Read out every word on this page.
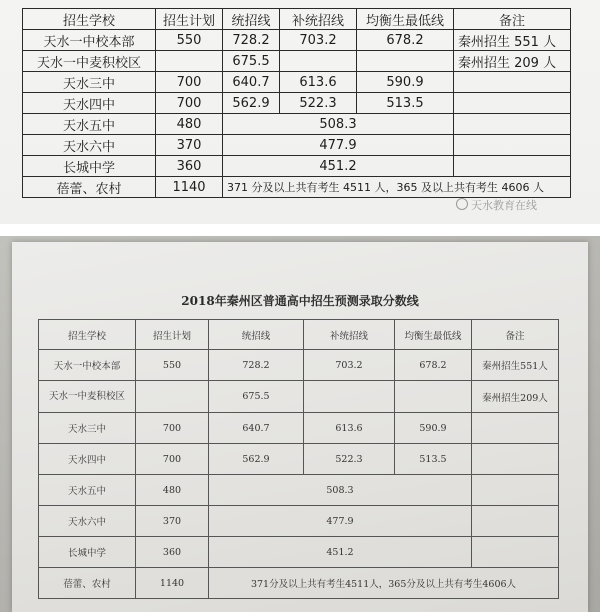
招生学校	招生计划	统招线	补统招线	均衡生最低线	备注
天水一中校本部	550	728.2	703.2	678.2	秦州招生 551 人
天水一中麦积校区		675.5			秦州招生 209 人
天水三中	700	640.7	613.6	590.9	
天水四中	700	562.9	522.3	513.5	
天水五中	480	508.3			
天水六中	370	477.9			
长城中学	360	451.2			
蓓蕾、农村	1140	371 分及以上共有考生 4511 人，365 及以上共有考生 4606 人			
天水教育在线
2018年秦州区普通高中招生预测录取分数线
招生学校	招生计划	统招线	补统招线	均衡生最低线	备注
天水一中校本部	550	728.2	703.2	678.2	秦州招生551人
天水一中麦积校区		675.5			秦州招生209人
天水三中	700	640.7	613.6	590.9	
天水四中	700	562.9	522.3	513.5	
天水五中	480	508.3			
天水六中	370	477.9			
长城中学	360	451.2			
蓓蕾、农村	1140	371分及以上共有考生4511人，365分及以上共有考生4606人			
